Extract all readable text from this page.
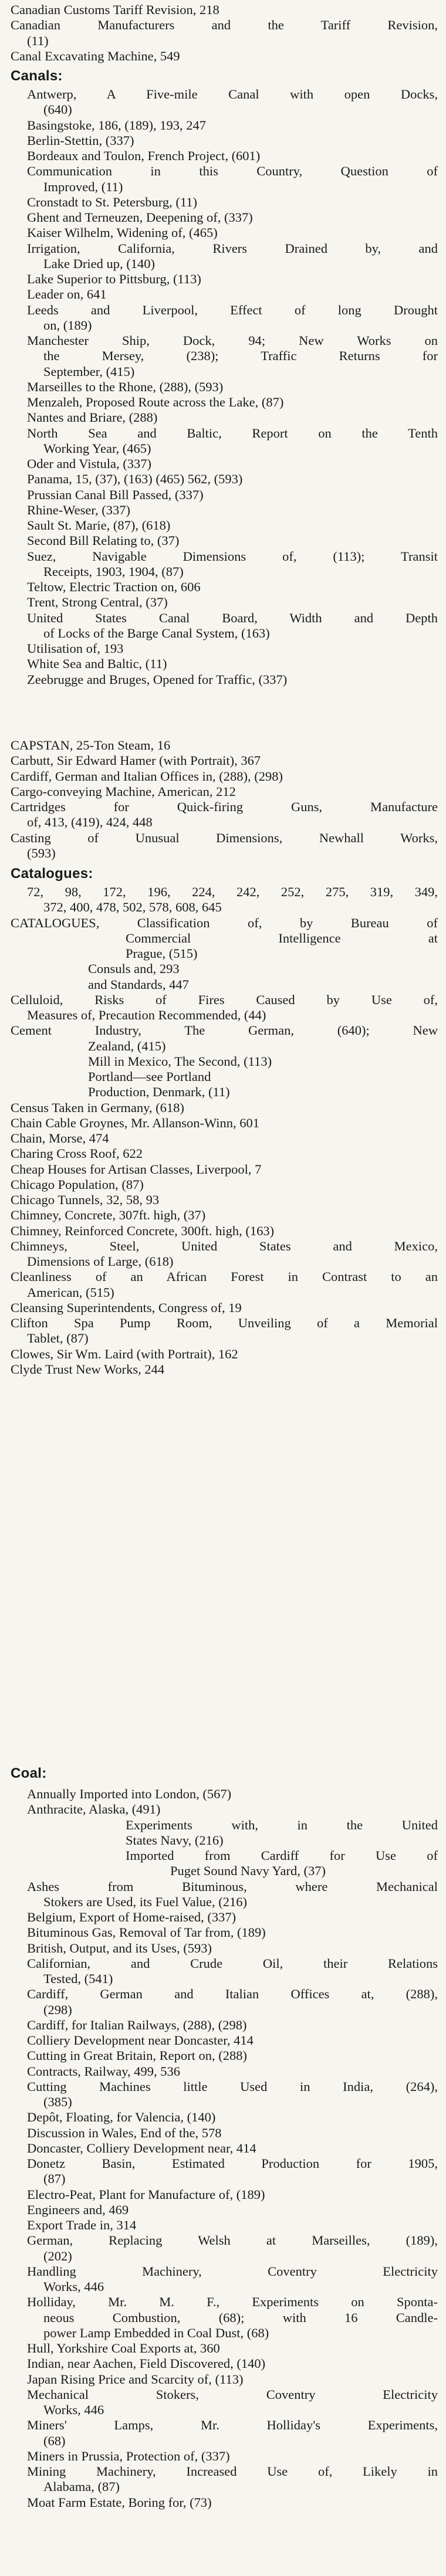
Canadian Customs Tariff Revision, 218
Canadian Manufacturers and the Tariff Revision,
(11)
Canal Excavating Machine, 549
Canals:
Antwerp, A Five-mile Canal with open Docks,
(640)
Basingstoke, 186, (189), 193, 247
Berlin-Stettin, (337)
Bordeaux and Toulon, French Project, (601)
Communication in this Country, Question of
Improved, (11)
Cronstadt to St. Petersburg, (11)
Ghent and Terneuzen, Deepening of, (337)
Kaiser Wilhelm, Widening of, (465)
Irrigation, California, Rivers Drained by, and
Lake Dried up, (140)
Lake Superior to Pittsburg, (113)
Leader on, 641
Leeds and Liverpool, Effect of long Drought
on, (189)
Manchester Ship, Dock, 94; New Works on
the Mersey, (238); Traffic Returns for
September, (415)
Marseilles to the Rhone, (288), (593)
Menzaleh, Proposed Route across the Lake, (87)
Nantes and Briare, (288)
North Sea and Baltic, Report on the Tenth
Working Year, (465)
Oder and Vistula, (337)
Panama, 15, (37), (163) (465) 562, (593)
Prussian Canal Bill Passed, (337)
Rhine-Weser, (337)
Sault St. Marie, (87), (618)
Second Bill Relating to, (37)
Suez, Navigable Dimensions of, (113); Transit
Receipts, 1903, 1904, (87)
Teltow, Electric Traction on, 606
Trent, Strong Central, (37)
United States Canal Board, Width and Depth
of Locks of the Barge Canal System, (163)
Utilisation of, 193
White Sea and Baltic, (11)
Zeebrugge and Bruges, Opened for Traffic, (337)
CAPSTAN, 25-Ton Steam, 16
Carbutt, Sir Edward Hamer (with Portrait), 367
Cardiff, German and Italian Offices in, (288), (298)
Cargo-conveying Machine, American, 212
Cartridges for Quick-firing Guns, Manufacture
of, 413, (419), 424, 448
Casting of Unusual Dimensions, Newhall Works,
(593)
Catalogues:
72, 98, 172, 196, 224, 242, 252, 275, 319, 349,
372, 400, 478, 502, 578, 608, 645
CATALOGUES, Classification of, by Bureau of
Commercial Intelligence at
Prague, (515)
Consuls and, 293
and Standards, 447
Celluloid, Risks of Fires Caused by Use of,
Measures of, Precaution Recommended, (44)
Cement Industry, The German, (640); New
Zealand, (415)
Mill in Mexico, The Second, (113)
Portland—see Portland
Production, Denmark, (11)
Census Taken in Germany, (618)
Chain Cable Groynes, Mr. Allanson-Winn, 601
Chain, Morse, 474
Charing Cross Roof, 622
Cheap Houses for Artisan Classes, Liverpool, 7
Chicago Population, (87)
Chicago Tunnels, 32, 58, 93
Chimney, Concrete, 307ft. high, (37)
Chimney, Reinforced Concrete, 300ft. high, (163)
Chimneys, Steel, United States and Mexico,
Dimensions of Large, (618)
Cleanliness of an African Forest in Contrast to an
American, (515)
Cleansing Superintendents, Congress of, 19
Clifton Spa Pump Room, Unveiling of a Memorial
Tablet, (87)
Clowes, Sir Wm. Laird (with Portrait), 162
Clyde Trust New Works, 244
Coal:
Annually Imported into London, (567)
Anthracite, Alaska, (491)
Experiments with, in the United
States Navy, (216)
Imported from Cardiff for Use of
Puget Sound Navy Yard, (37)
Ashes from Bituminous, where Mechanical
Stokers are Used, its Fuel Value, (216)
Belgium, Export of Home-raised, (337)
Bituminous Gas, Removal of Tar from, (189)
British, Output, and its Uses, (593)
Californian, and Crude Oil, their Relations
Tested, (541)
Cardiff, German and Italian Offices at, (288),
(298)
Cardiff, for Italian Railways, (288), (298)
Colliery Development near Doncaster, 414
Cutting in Great Britain, Report on, (288)
Contracts, Railway, 499, 536
Cutting Machines little Used in India, (264),
(385)
Depôt, Floating, for Valencia, (140)
Discussion in Wales, End of the, 578
Doncaster, Colliery Development near, 414
Donetz Basin, Estimated Production for 1905,
(87)
Electro-Peat, Plant for Manufacture of, (189)
Engineers and, 469
Export Trade in, 314
German, Replacing Welsh at Marseilles, (189),
(202)
Handling Machinery, Coventry Electricity
Works, 446
Holliday, Mr. M. F., Experiments on Sponta-
neous Combustion, (68); with 16 Candle-
power Lamp Embedded in Coal Dust, (68)
Hull, Yorkshire Coal Exports at, 360
Indian, near Aachen, Field Discovered, (140)
Japan Rising Price and Scarcity of, (113)
Mechanical Stokers, Coventry Electricity
Works, 446
Miners' Lamps, Mr. Holliday's Experiments,
(68)
Miners in Prussia, Protection of, (337)
Mining Machinery, Increased Use of, Likely in
Alabama, (87)
Moat Farm Estate, Boring for, (73)
